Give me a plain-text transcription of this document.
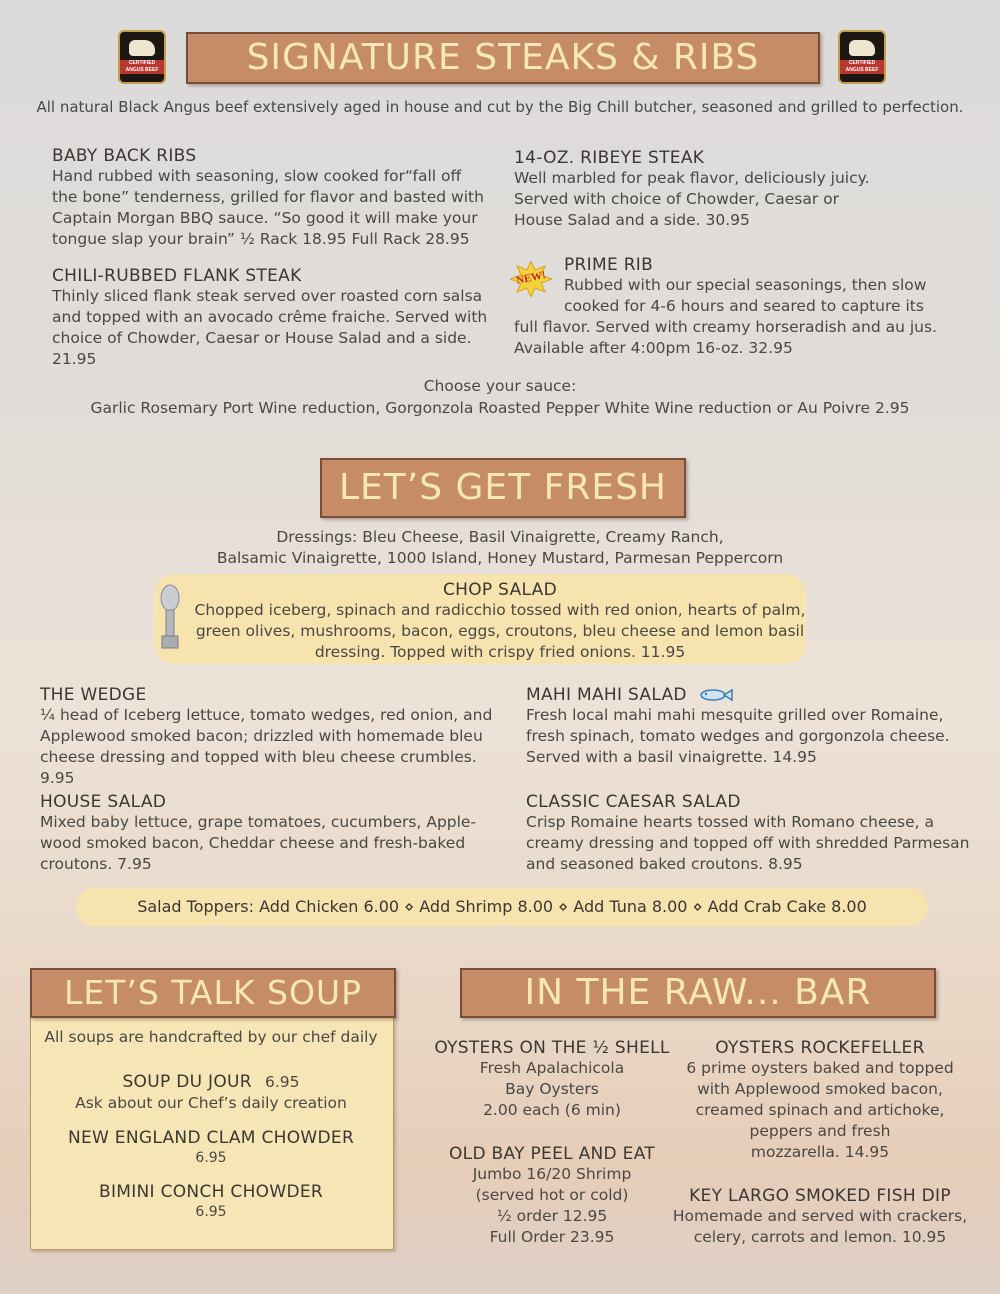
CERTIFIED ANGUS BEEF
CERTIFIED ANGUS BEEF
SIGNATURE STEAKS & RIBS
All natural Black Angus beef extensively aged in house and cut by the Big Chill butcher, seasoned and grilled to perfection.
BABY BACK RIBS
Hand rubbed with seasoning, slow cooked for“fall off
the bone” tenderness, grilled for flavor and basted with
Captain Morgan BBQ sauce. “So good it will make your
tongue slap your brain” ½ Rack 18.95 Full Rack 28.95
CHILI-RUBBED FLANK STEAK
Thinly sliced flank steak served over roasted corn salsa
and topped with an avocado crême fraiche. Served with
choice of Chowder, Caesar or House Salad and a side.
21.95
14-OZ. RIBEYE STEAK
Well marbled for peak flavor, deliciously juicy.
Served with choice of Chowder, Caesar or
House Salad and a side. 30.95
NEW!
PRIME RIB
Rubbed with our special seasonings, then slow
cooked for 4-6 hours and seared to capture its
full flavor. Served with creamy horseradish and au jus.
Available after 4:00pm 16-oz. 32.95
Choose your sauce:
Garlic Rosemary Port Wine reduction, Gorgonzola Roasted Pepper White Wine reduction or Au Poivre 2.95
LET’S GET FRESH
Dressings: Bleu Cheese, Basil Vinaigrette, Creamy Ranch,
Balsamic Vinaigrette, 1000 Island, Honey Mustard, Parmesan Peppercorn
CHOP SALAD
Chopped iceberg, spinach and radicchio tossed with red onion, hearts of palm,
green olives, mushrooms, bacon, eggs, croutons, bleu cheese and lemon basil
dressing. Topped with crispy fried onions. 11.95
THE WEDGE
¼ head of Iceberg lettuce, tomato wedges, red onion, and
Applewood smoked bacon; drizzled with homemade bleu
cheese dressing and topped with bleu cheese crumbles. 9.95
MAHI MAHI SALAD
Fresh local mahi mahi mesquite grilled over Romaine,
fresh spinach, tomato wedges and gorgonzola cheese.
Served with a basil vinaigrette. 14.95
HOUSE SALAD
Mixed baby lettuce, grape tomatoes, cucumbers, Apple-
wood smoked bacon, Cheddar cheese and fresh-baked
croutons. 7.95
CLASSIC CAESAR SALAD
Crisp Romaine hearts tossed with Romano cheese, a
creamy dressing and topped off with shredded Parmesan
and seasoned baked croutons. 8.95
Salad Toppers: Add Chicken 6.00 ⋄ Add Shrimp 8.00 ⋄ Add Tuna 8.00 ⋄ Add Crab Cake 8.00
LET’S TALK SOUP
All soups are handcrafted by our chef daily
SOUP DU JOUR 6.95
Ask about our Chef’s daily creation
NEW ENGLAND CLAM CHOWDER
6.95
BIMINI CONCH CHOWDER
6.95
IN THE RAW... BAR
OYSTERS ON THE ½ SHELL
Fresh Apalachicola
Bay Oysters
2.00 each (6 min)
OYSTERS ROCKEFELLER
6 prime oysters baked and topped
with Applewood smoked bacon,
creamed spinach and artichoke,
peppers and fresh
mozzarella. 14.95
OLD BAY PEEL AND EAT
Jumbo 16/20 Shrimp
(served hot or cold)
½ order 12.95
Full Order 23.95
KEY LARGO SMOKED FISH DIP
Homemade and served with crackers,
celery, carrots and lemon. 10.95
